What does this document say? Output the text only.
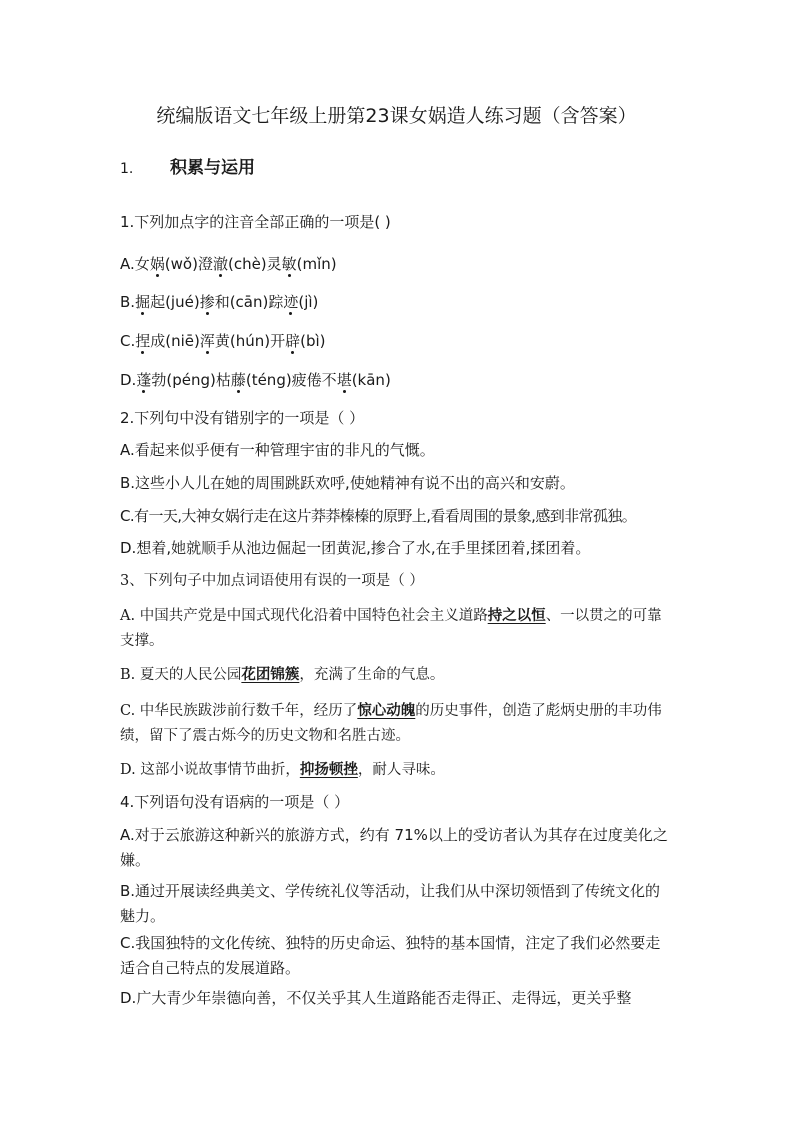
统编版语文七年级上册第23课女娲造人练习题（含答案）
1. 积累与运用
1.下列加点字的注音全部正确的一项是( )
A.女娲(wǒ)澄澈(chè)灵敏(mǐn)
B.掘起(jué)掺和(cān)踪迹(jì)
C.捏成(niē)浑黄(hún)开辟(bì)
D.蓬勃(péng)枯藤(téng)疲倦不堪(kān)
2.下列句中没有错别字的一项是（ ）
A.看起来似乎便有一种管理宇宙的非凡的气慨。
B.这些小人儿在她的周围跳跃欢呼,使她精神有说不出的高兴和安蔚。
C.有一天,大神女娲行走在这片莽莽榛榛的原野上,看看周围的景象,感到非常孤独。
D.想着,她就顺手从池边倔起一团黄泥,掺合了水,在手里揉团着,揉团着。
3、下列句子中加点词语使用有误的一项是（ ）
A. 中国共产党是中国式现代化沿着中国特色社会主义道路持之以恒、一以贯之的可靠支撑。
B. 夏天的人民公园花团锦簇，充满了生命的气息。
C. 中华民族跋涉前行数千年，经历了惊心动魄的历史事件，创造了彪炳史册的丰功伟绩，留下了震古烁今的历史文物和名胜古迹。
D. 这部小说故事情节曲折，抑扬顿挫，耐人寻味。
4.下列语句没有语病的一项是（ ）
A.对于云旅游这种新兴的旅游方式，约有 71%以上的受访者认为其存在过度美化之嫌。
B.通过开展读经典美文、学传统礼仪等活动，让我们从中深切领悟到了传统文化的魅力。
C.我国独特的文化传统、独特的历史命运、独特的基本国情，注定了我们必然要走适合自己特点的发展道路。
D.广大青少年崇德向善，不仅关乎其人生道路能否走得正、走得远，更关乎整
